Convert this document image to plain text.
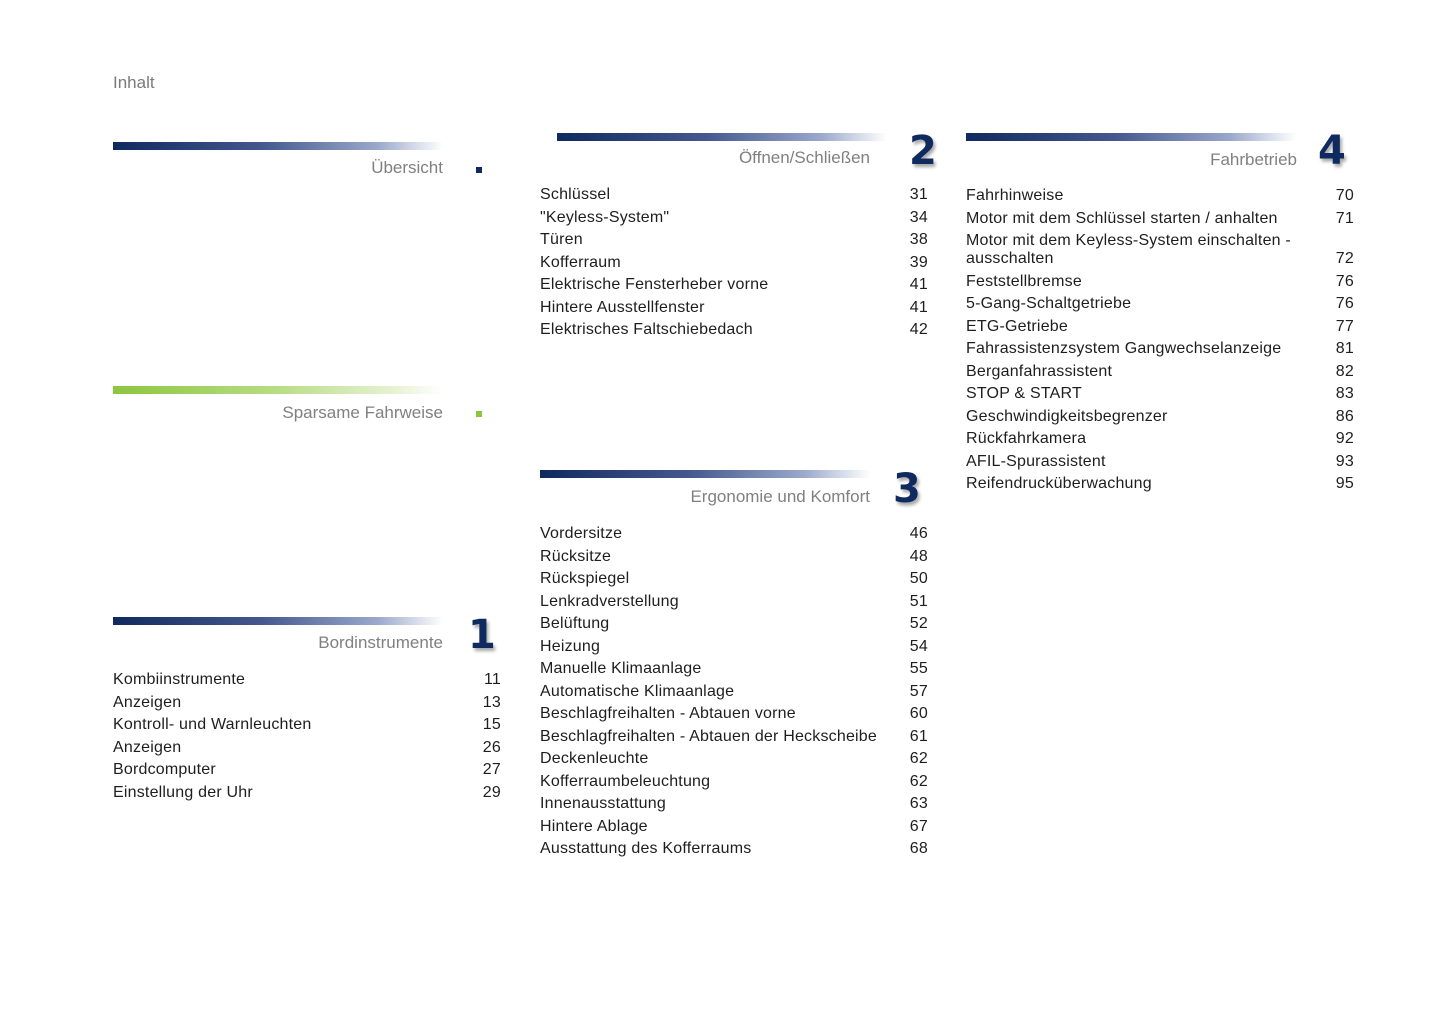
Inhalt
Übersicht
Sparsame Fahrweise
Bordinstrumente 1
Kombiinstrumente	11
Anzeigen	13
Kontroll- und Warnleuchten	15
Anzeigen	26
Bordcomputer	27
Einstellung der Uhr	29
Öffnen/Schließen 2
Schlüssel	31
"Keyless-System"	34
Türen	38
Kofferraum	39
Elektrische Fensterheber vorne	41
Hintere Ausstellfenster	41
Elektrisches Faltschiebedach	42
Ergonomie und Komfort 3
Vordersitze	46
Rücksitze	48
Rückspiegel	50
Lenkradverstellung	51
Belüftung	52
Heizung	54
Manuelle Klimaanlage	55
Automatische Klimaanlage	57
Beschlagfreihalten - Abtauen vorne	60
Beschlagfreihalten - Abtauen der Heckscheibe	61
Deckenleuchte	62
Kofferraumbeleuchtung	62
Innenausstattung	63
Hintere Ablage	67
Ausstattung des Kofferraums	68
Fahrbetrieb 4
Fahrhinweise	70
Motor mit dem Schlüssel starten / anhalten	71
Motor mit dem Keyless-System einschalten - ausschalten	72
Feststellbremse	76
5-Gang-Schaltgetriebe	76
ETG-Getriebe	77
Fahrassistenzsystem Gangwechselanzeige	81
Berganfahrassistent	82
STOP & START	83
Geschwindigkeitsbegrenzer	86
Rückfahrkamera	92
AFIL-Spurassistent	93
Reifendrucküberwachung	95
